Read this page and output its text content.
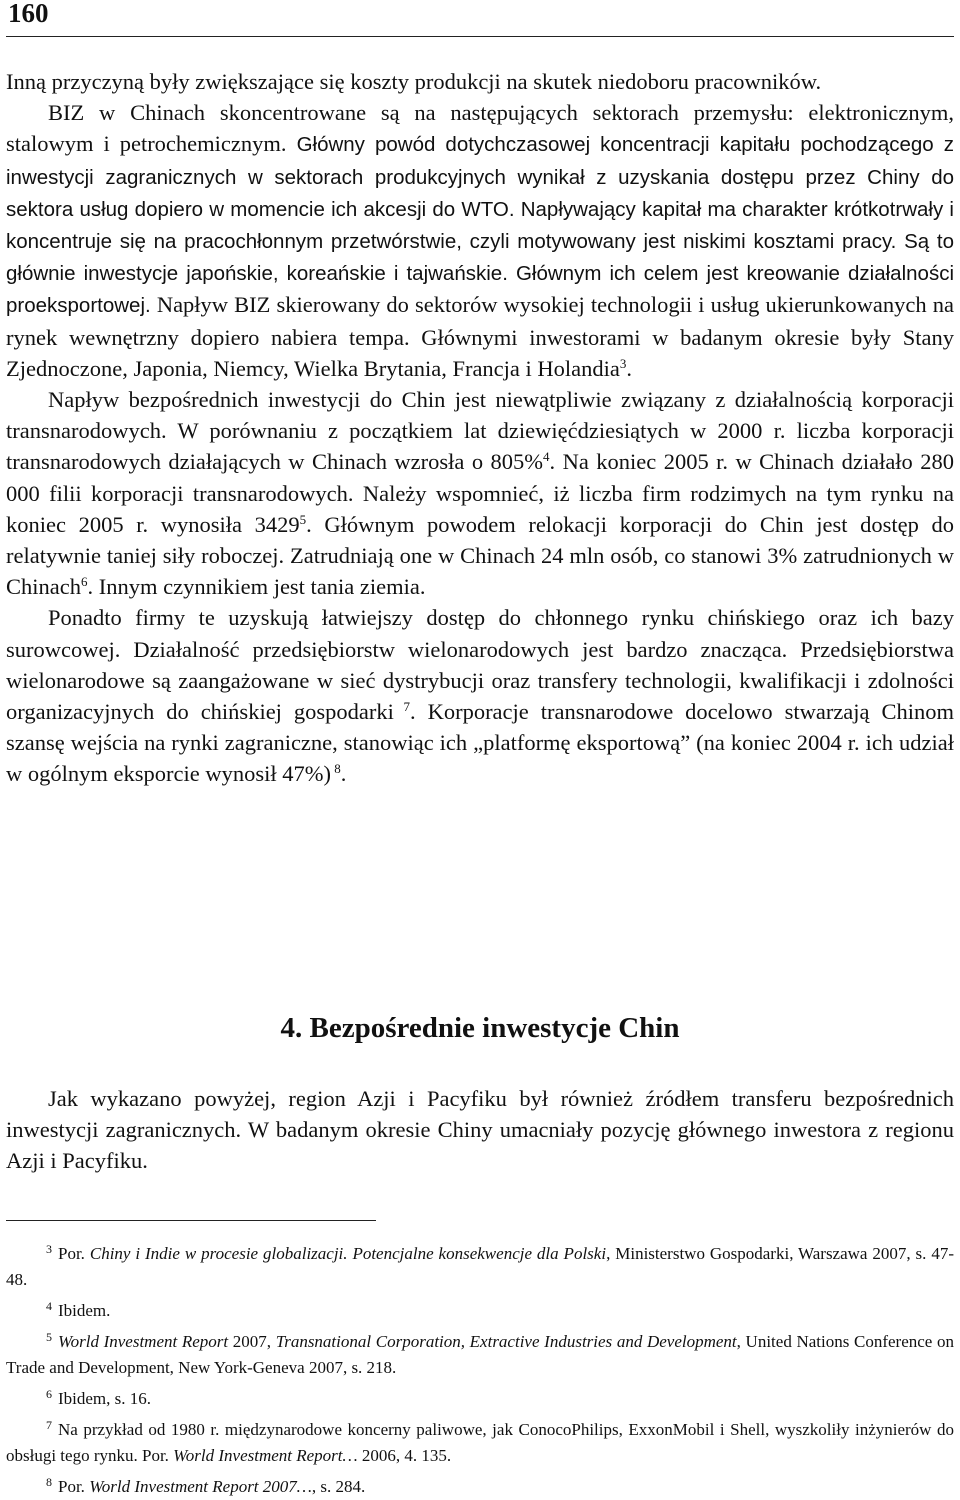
160

Inną przyczyną były zwiększające się koszty produkcji na skutek niedoboru pracowników.

BIZ w Chinach skoncentrowane są na następujących sektorach przemysłu: elektronicznym, stalowym i petrochemicznym. Główny powód dotychczasowej koncentracji kapitału pochodzącego z inwestycji zagranicznych w sektorach produkcyjnych wynikał z uzyskania dostępu przez Chiny do sektora usług dopiero w momencie ich akcesji do WTO. Napływający kapitał ma charakter krótkotrwały i koncentruje się na pracochłonnym przetwórstwie, czyli motywowany jest niskimi kosztami pracy. Są to głównie inwestycje japońskie, koreańskie i tajwańskie. Głównym ich celem jest kreowanie działalności proeksportowej. Napływ BIZ skierowany do sektorów wysokiej technologii i usług ukierunkowanych na rynek wewnętrzny dopiero nabiera tempa. Głównymi inwestorami w badanym okresie były Stany Zjednoczone, Japonia, Niemcy, Wielka Brytania, Francja i Holandia$^3$.

Napływ bezpośrednich inwestycji do Chin jest niewątpliwie związany z działalnością korporacji transnarodowych. W porównaniu z początkiem lat dziewięćdziesiątych w 2000 r. liczba korporacji transnarodowych działających w Chinach wzrosła o 805%$^4$. Na koniec 2005 r. w Chinach działało 280 000 filii korporacji transnarodowych. Należy wspomnieć, iż liczba firm rodzimych na tym rynku na koniec 2005 r. wynosiła 3429$^5$. Głównym powodem relokacji korporacji do Chin jest dostęp do relatywnie taniej siły roboczej. Zatrudniają one w Chinach 24 mln osób, co stanowi 3% zatrudnionych w Chinach$^6$. Innym czynnikiem jest tania ziemia.

Ponadto firmy te uzyskują łatwiejszy dostęp do chłonnego rynku chińskiego oraz ich bazy surowcowej. Działalność przedsiębiorstw wielonarodowych jest bardzo znacząca. Przedsiębiorstwa wielonarodowe są zaangażowane w sieć dystrybucji oraz transfery technologii, kwalifikacji i zdolności organizacyjnych do chińskiej gospodarki $^7$. Korporacje transnarodowe docelowo stwarzają Chinom szansę wejścia na rynki zagraniczne, stanowiąc ich „platformę eksportową” (na koniec 2004 r. ich udział w ogólnym eksporcie wynosił 47%) $^8$.

4. Bezpośrednie inwestycje Chin

Jak wykazano powyżej, region Azji i Pacyfiku był również źródłem transferu bezpośrednich inwestycji zagranicznych. W badanym okresie Chiny umacniały pozycję głównego inwestora z regionu Azji i Pacyfiku.

$^3$ Por. Chiny i Indie w procesie globalizacji. Potencjalne konsekwencje dla Polski, Ministerstwo Gospodarki, Warszawa 2007, s. 47-48.

$^4$ Ibidem.

$^5$ World Investment Report 2007, Transnational Corporation, Extractive Industries and Development, United Nations Conference on Trade and Development, New York-Geneva 2007, s. 218.

$^6$ Ibidem, s. 16.

$^7$ Na przykład od 1980 r. międzynarodowe koncerny paliwowe, jak ConocoPhilips, ExxonMobil i Shell, wyszkoliły inżynierów do obsługi tego rynku. Por. World Investment Report… 2006, 4. 135.

$^8$ Por. World Investment Report 2007…, s. 284.
